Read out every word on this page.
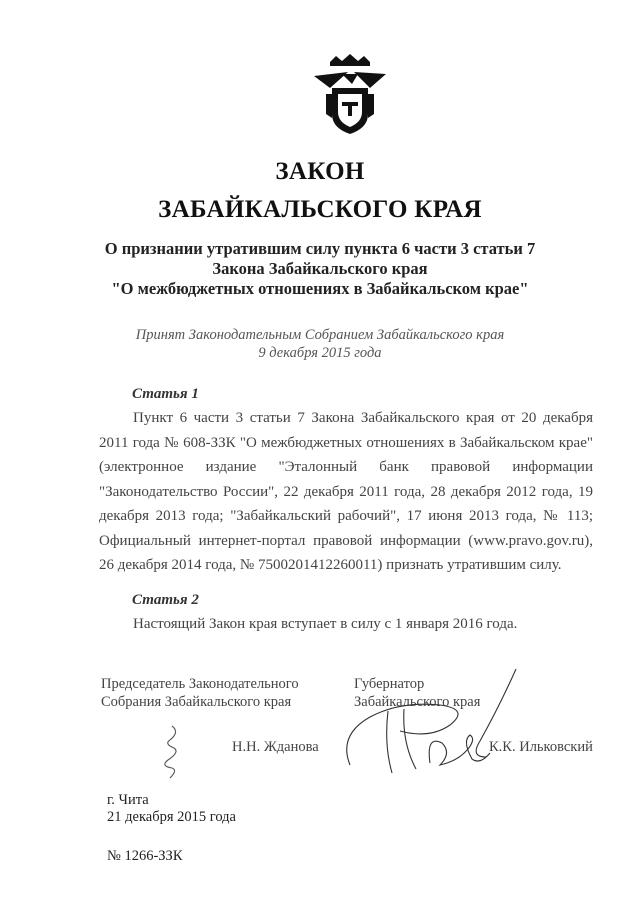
ЗАКОН
ЗАБАЙКАЛЬСКОГО КРАЯ
О признании утратившим силу пункта 6 части 3 статьи 7
Закона Забайкальского края
"О межбюджетных отношениях в Забайкальском крае"
Принят Законодательным Собранием Забайкальского края
9 декабря 2015 года
Статья 1
Пункт 6 части 3 статьи 7 Закона Забайкальского края от 20 декабря 2011 года № 608-ЗЗК "О межбюджетных отношениях в Забайкальском крае" (электронное издание "Эталонный банк правовой информации "Законодательство России", 22 декабря 2011 года, 28 декабря 2012 года, 19 декабря 2013 года; "Забайкальский рабочий", 17 июня 2013 года, № 113; Официальный интернет-портал правовой информации (www.pravo.gov.ru), 26 декабря 2014 года, № 7500201412260011) признать утратившим силу.
Статья 2
Настоящий Закон края вступает в силу с 1 января 2016 года.
Председатель Законодательного
Собрания Забайкальского края
Н.Н. Жданова
Губернатор
Забайкальского края
К.К. Ильковский
г. Чита
21 декабря 2015 года
№ 1266-ЗЗК
